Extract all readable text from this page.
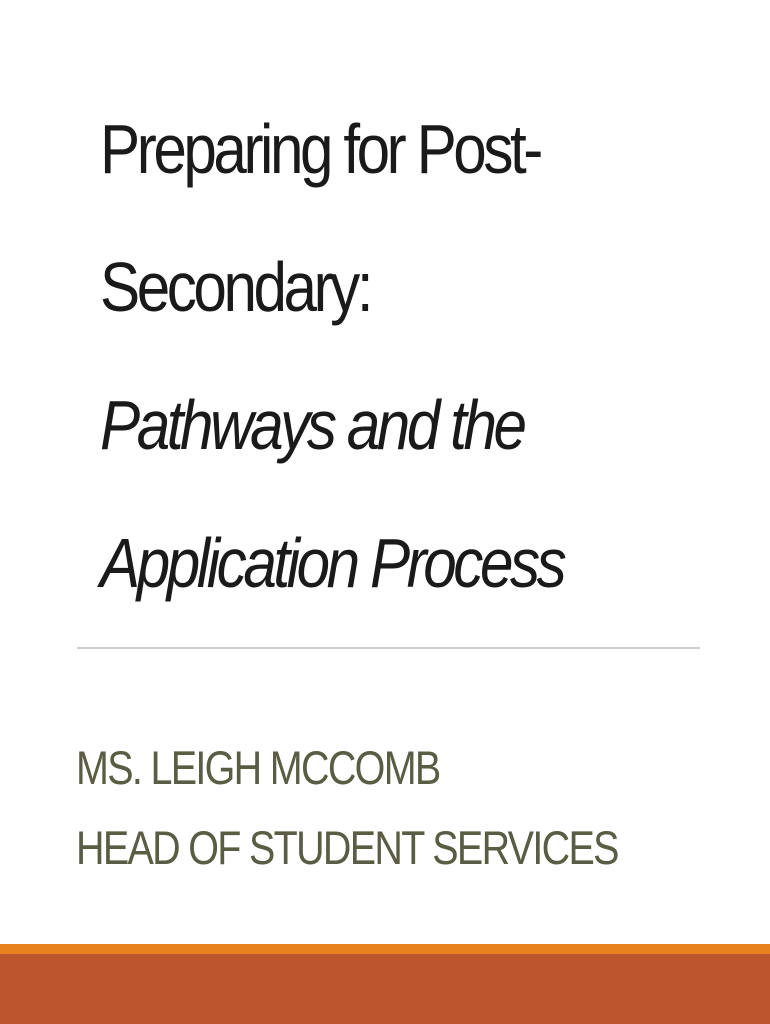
Preparing for Post-
Secondary:
Pathways and the
Application Process
MS. LEIGH MCCOMB
HEAD OF STUDENT SERVICES
